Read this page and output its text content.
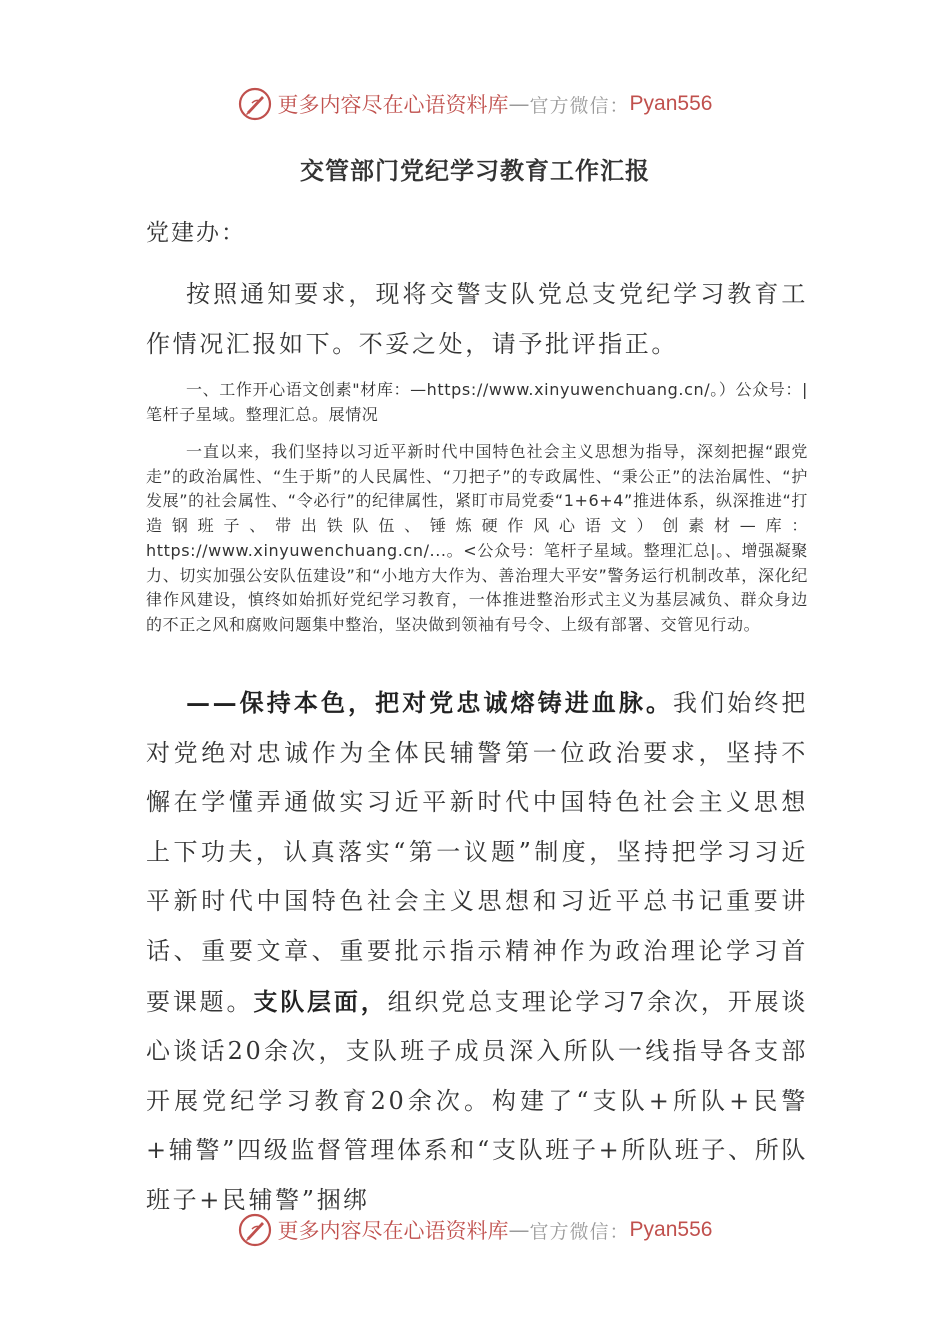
更多内容尽在心语资料库 — 官方微信： Pyan556
交管部门党纪学习教育工作汇报
党建办：

按照通知要求，现将交警支队党总支党纪学习教育工作情况汇报如下。不妥之处，请予批评指正。

一、工作开心语文创素"材库：—https://www.xinyuwenchuang.cn/。）公众号：|笔杆子星域。整理汇总。展情况

一直以来，我们坚持以习近平新时代中国特色社会主义思想为指导，深刻把握“跟党走”的政治属性、“生于斯”的人民属性、“刀把子”的专政属性、“秉公正”的法治属性、“护发展”的社会属性、“令必行”的纪律属性，紧盯市局党委“1+6+4”推进体系，纵深推进“打造钢班子、带出铁队伍、锤炼硬作风心语文）创素材—库：https://www.xinyuwenchuang.cn/...。<公众号：笔杆子星域。整理汇总|。、增强凝聚力、切实加强公安队伍建设”和“小地方大作为、善治理大平安”警务运行机制改革，深化纪律作风建设，慎终如始抓好党纪学习教育，一体推进整治形式主义为基层减负、群众身边的不正之风和腐败问题集中整治，坚决做到领袖有号令、上级有部署、交管见行动。

——保持本色，把对党忠诚熔铸进血脉。我们始终把对党绝对忠诚作为全体民辅警第一位政治要求，坚持不懈在学懂弄通做实习近平新时代中国特色社会主义思想上下功夫，认真落实“第一议题”制度，坚持把学习习近平新时代中国特色社会主义思想和习近平总书记重要讲话、重要文章、重要批示指示精神作为政治理论学习首要课题。支队层面，组织党总支理论学习7余次，开展谈心谈话20余次，支队班子成员深入所队一线指导各支部开展党纪学习教育20余次。构建了“支队+所队+民警+辅警”四级监督管理体系和“支队班子+所队班子、所队班子+民辅警”捆绑

更多内容尽在心语资料库 — 官方微信： Pyan556
